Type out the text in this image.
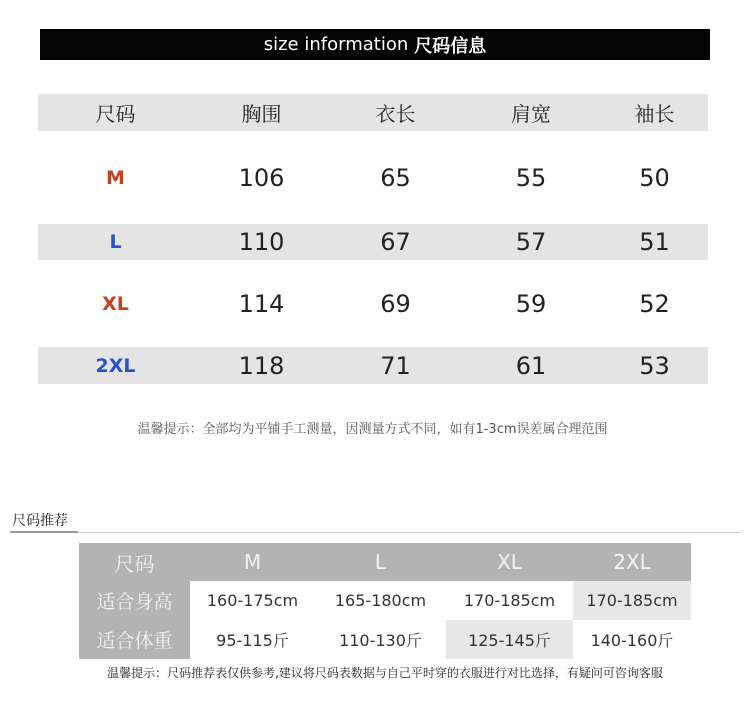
size information 尺码信息
尺码	胸围	衣长	肩宽	袖长
M	106	65	55	50
L	110	67	57	51
XL	114	69	59	52
2XL	118	71	61	53
温馨提示：全部均为平铺手工测量，因测量方式不同，如有1-3cm误差属合理范围
尺码推荐
尺码	M	L	XL	2XL
适合身高	160-175cm	165-180cm	170-185cm	170-185cm
适合体重	95-115斤	110-130斤	125-145斤	140-160斤
温馨提示：尺码推荐表仅供参考,建议将尺码表数据与自己平时穿的衣服进行对比选择，有疑问可咨询客服
